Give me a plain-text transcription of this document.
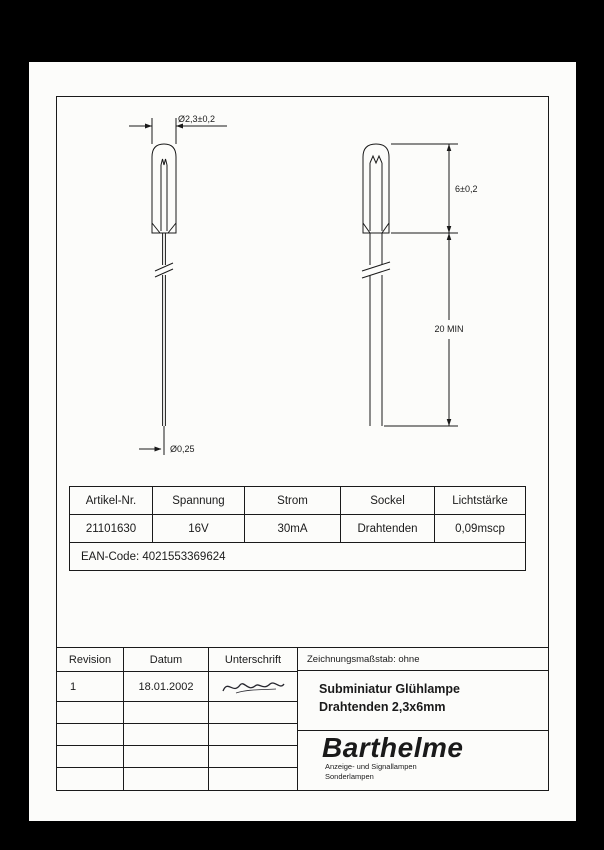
Ø2,3±0,2
Ø0,25
6±0,2
20 MIN
Artikel-Nr.	Spannung	Strom	Sockel	Lichtstärke
21101630	16V	30mA	Drahtenden	0,09mscp
EAN-Code: 4021553369624
Revision	Datum	Unterschrift
1	18.01.2002
Zeichnungsmaßstab: ohne
Subminiatur Glühlampe
Drahtenden 2,3x6mm
Barthelme
Anzeige- und Signallampen
Sonderlampen
